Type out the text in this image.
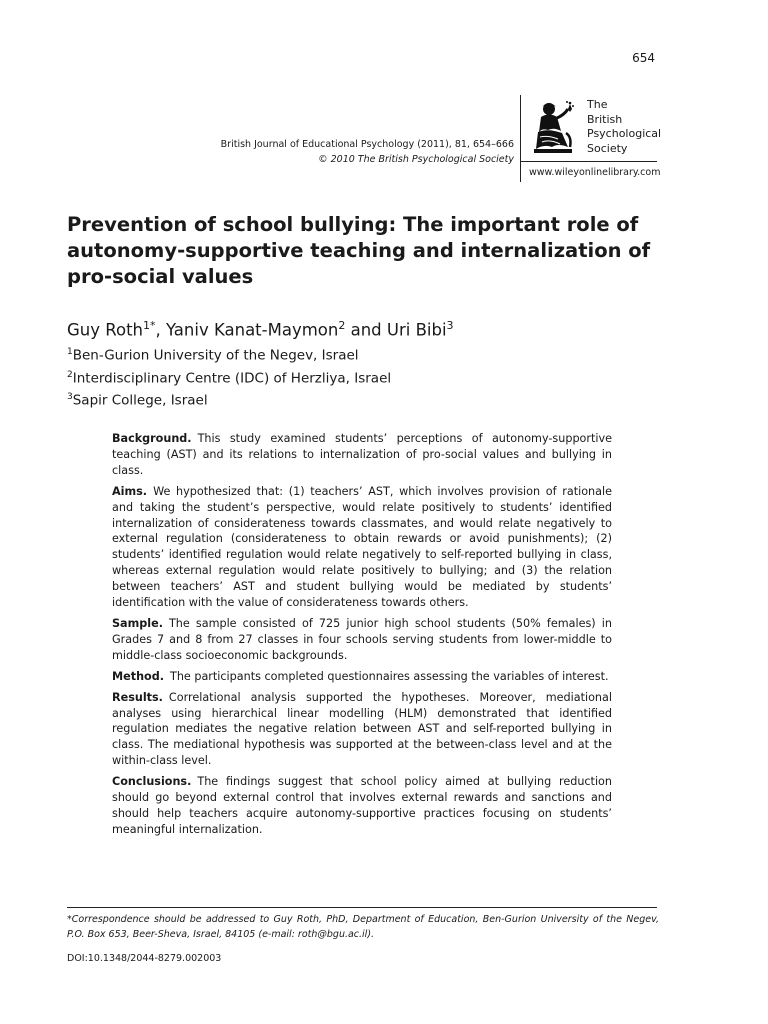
654
British Journal of Educational Psychology (2011), 81, 654–666
© 2010 The British Psychological Society
The
British
Psychological
Society
www.wileyonlinelibrary.com
Prevention of school bullying: The important role of autonomy-supportive teaching and internalization of pro-social values
Guy Roth$^{1*}$, Yaniv Kanat-Maymon$^2$ and Uri Bibi$^3$
$^1$Ben-Gurion University of the Negev, Israel
$^2$Interdisciplinary Centre (IDC) of Herzliya, Israel
$^3$Sapir College, Israel

Background. This study examined students’ perceptions of autonomy-supportive teaching (AST) and its relations to internalization of pro-social values and bullying in class.

Aims. We hypothesized that: (1) teachers’ AST, which involves provision of rationale and taking the student’s perspective, would relate positively to students’ identified internalization of considerateness towards classmates, and would relate negatively to external regulation (considerateness to obtain rewards or avoid punishments); (2) students’ identified regulation would relate negatively to self-reported bullying in class, whereas external regulation would relate positively to bullying; and (3) the relation between teachers’ AST and student bullying would be mediated by students’ identification with the value of considerateness towards others.

Sample. The sample consisted of 725 junior high school students (50% females) in Grades 7 and 8 from 27 classes in four schools serving students from lower-middle to middle-class socioeconomic backgrounds.

Method. The participants completed questionnaires assessing the variables of interest.

Results. Correlational analysis supported the hypotheses. Moreover, mediational analyses using hierarchical linear modelling (HLM) demonstrated that identified regulation mediates the negative relation between AST and self-reported bullying in class. The mediational hypothesis was supported at the between-class level and at the within-class level.

Conclusions. The findings suggest that school policy aimed at bullying reduction should go beyond external control that involves external rewards and sanctions and should help teachers acquire autonomy-supportive practices focusing on students’ meaningful internalization.

*Correspondence should be addressed to Guy Roth, PhD, Department of Education, Ben-Gurion University of the Negev, P.O. Box 653, Beer-Sheva, Israel, 84105 (e-mail: roth@bgu.ac.il).
DOI:10.1348/2044-8279.002003
